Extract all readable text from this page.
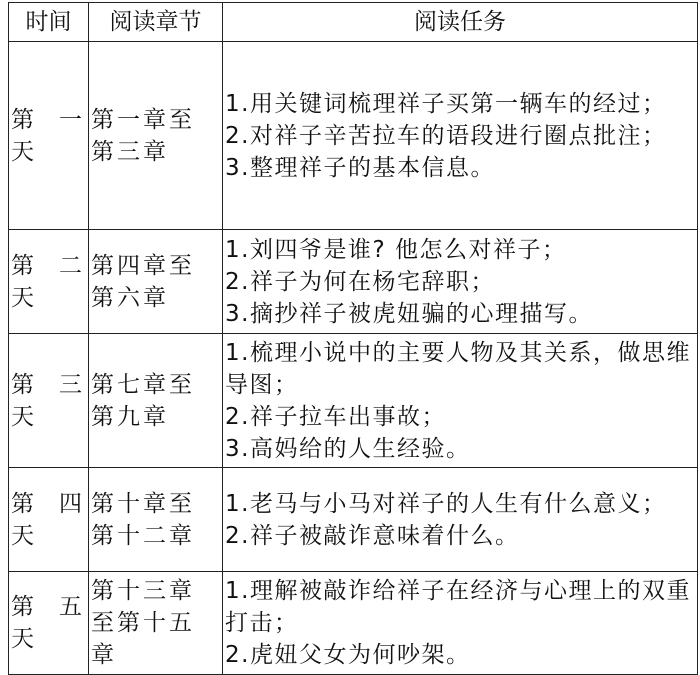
时间	阅读章节	阅读任务
第一天	第一章至第三章	1.用关键词梳理祥子买第一辆车的经过；
2.对祥子辛苦拉车的语段进行圈点批注；
3.整理祥子的基本信息。

第二天	第四章至第六章	1.刘四爷是谁? 他怎么对祥子；
2.祥子为何在杨宅辞职；
3.摘抄祥子被虎妞骗的心理描写。

第三天	第七章至第九章	1.梳理小说中的主要人物及其关系，做思维导图；
2.祥子拉车出事故；
3.高妈给的人生经验。

第四天	第十章至第十二章	1.老马与小马对祥子的人生有什么意义；
2.祥子被敲诈意味着什么。

第五天	第十三章至第十五章	1.理解被敲诈给祥子在经济与心理上的双重打击；
2.虎妞父女为何吵架。
